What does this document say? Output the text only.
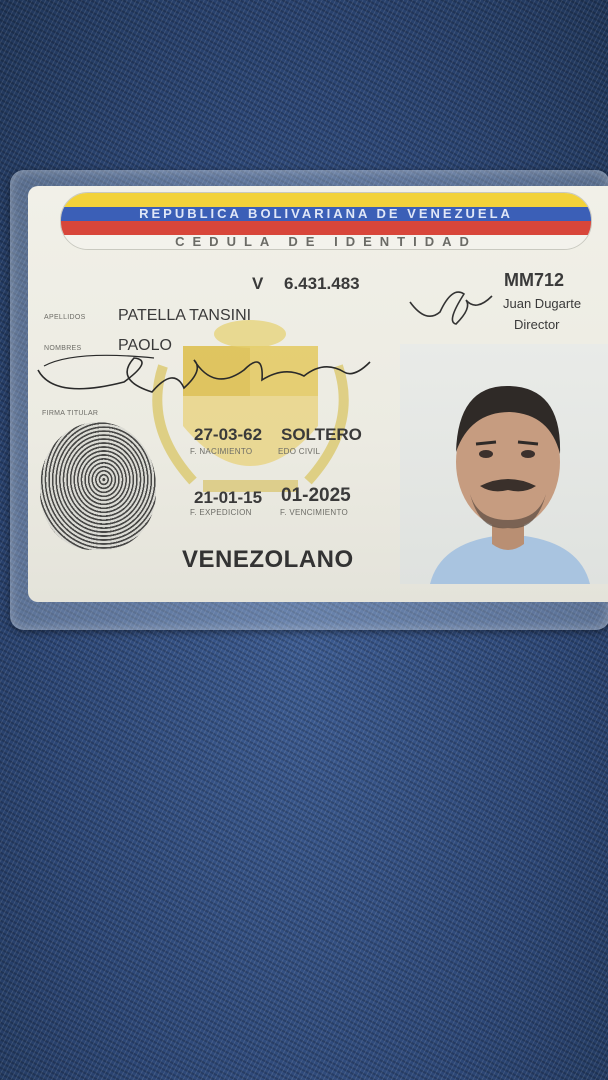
REPUBLICA BOLIVARIANA DE VENEZUELA
CEDULA DE IDENTIDAD
V 6.431.483	MM712
Juan Dugarte
Director
APELLIDOS PATELLA TANSINI
NOMBRES PAOLO
FIRMA TITULAR
27-03-62 SOLTERO
F. NACIMIENTO	EDO CIVIL
21-01-15 01-2025
F. EXPEDICION	F. VENCIMIENTO
VENEZOLANO
